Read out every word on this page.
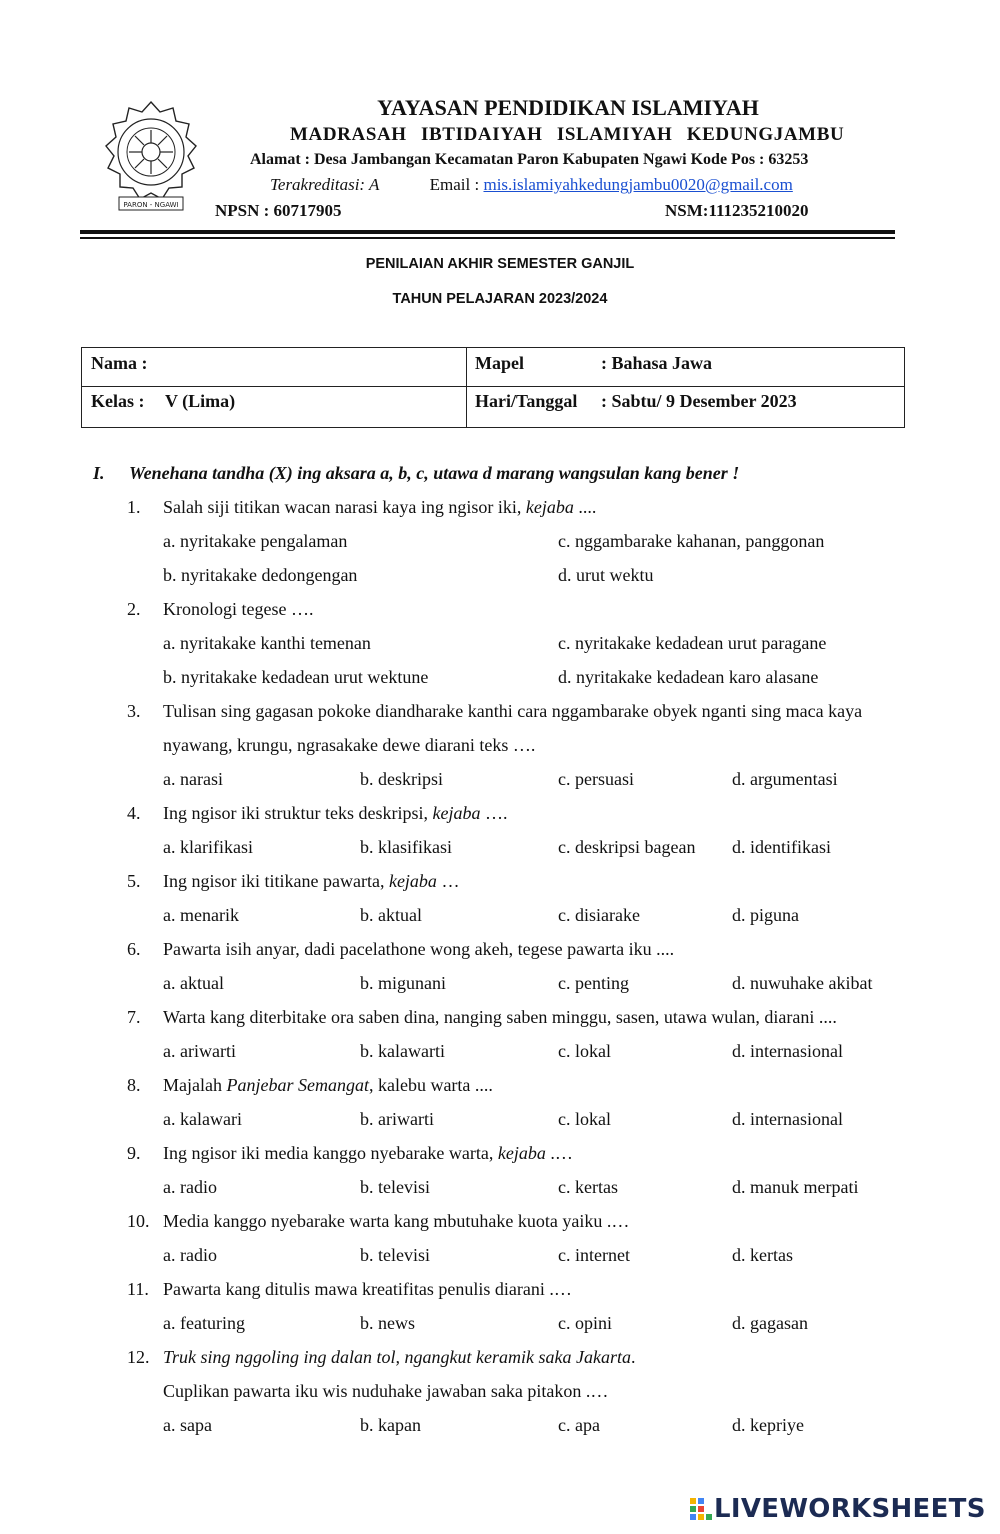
PARON - NGAWI
YAYASAN PENDIDIKAN ISLAMIYAH
MADRASAH IBTIDAIYAH ISLAMIYAH KEDUNGJAMBU
Alamat : Desa Jambangan Kecamatan Paron Kabupaten Ngawi Kode Pos : 63253
Terakreditasi: A	Email : mis.islamiyahkedungjambu0020@gmail.com
NPSN : 60717905	NSM:111235210020
PENILAIAN AKHIR SEMESTER GANJIL
TAHUN PELAJARAN 2023/2024
Nama :
Kelas : V (Lima)
Mapel	: Bahasa Jawa
Hari/Tanggal : Sabtu/ 9 Desember 2023
I. Wenehana tandha (X) ing aksara a, b, c, utawa d marang wangsulan kang bener !
1. Salah siji titikan wacan narasi kaya ing ngisor iki, kejaba ....
a. nyritakake pengalaman
b. nyritakake dedongengan
c. nggambarake kahanan, panggonan
d. urut wektu
2. Kronologi tegese ….
a. nyritakake kanthi temenan
b. nyritakake kedadean urut wektune
c. nyritakake kedadean urut paragane
d. nyritakake kedadean karo alasane
3. Tulisan sing gagasan pokoke diandharake kanthi cara nggambarake obyek nganti sing maca kaya
nyawang, krungu, ngrasakake dewe diarani teks ….
a. narasi	b. deskripsi	c. persuasi	d. argumentasi
4. Ing ngisor iki struktur teks deskripsi, kejaba ….
a. klarifikasi	b. klasifikasi	c. deskripsi bagean d. identifikasi
5. Ing ngisor iki titikane pawarta, kejaba …
a. menarik	b. aktual	c. disiarake	d. piguna
6. Pawarta isih anyar, dadi pacelathone wong akeh, tegese pawarta iku ....
a. aktual	b. migunani	c. penting	d. nuwuhake akibat
7. Warta kang diterbitake ora saben dina, nanging saben minggu, sasen, utawa wulan, diarani ....
a. ariwarti	b. kalawarti	c. lokal	d. internasional
8. Majalah Panjebar Semangat, kalebu warta ....
a. kalawari	b. ariwarti	c. lokal	d. internasional
9. Ing ngisor iki media kanggo nyebarake warta, kejaba .…
a. radio	b. televisi	c. kertas	d. manuk merpati
10. Media kanggo nyebarake warta kang mbutuhake kuota yaiku .…
a. radio	b. televisi	c. internet	d. kertas
11. Pawarta kang ditulis mawa kreatifitas penulis diarani .…
a. featuring	b. news	c. opini	d. gagasan
12. Truk sing nggoling ing dalan tol, ngangkut keramik saka Jakarta.
Cuplikan pawarta iku wis nuduhake jawaban saka pitakon .…
a. sapa	b. kapan	c. apa	d. kepriye
LIVEWORKSHEETS
